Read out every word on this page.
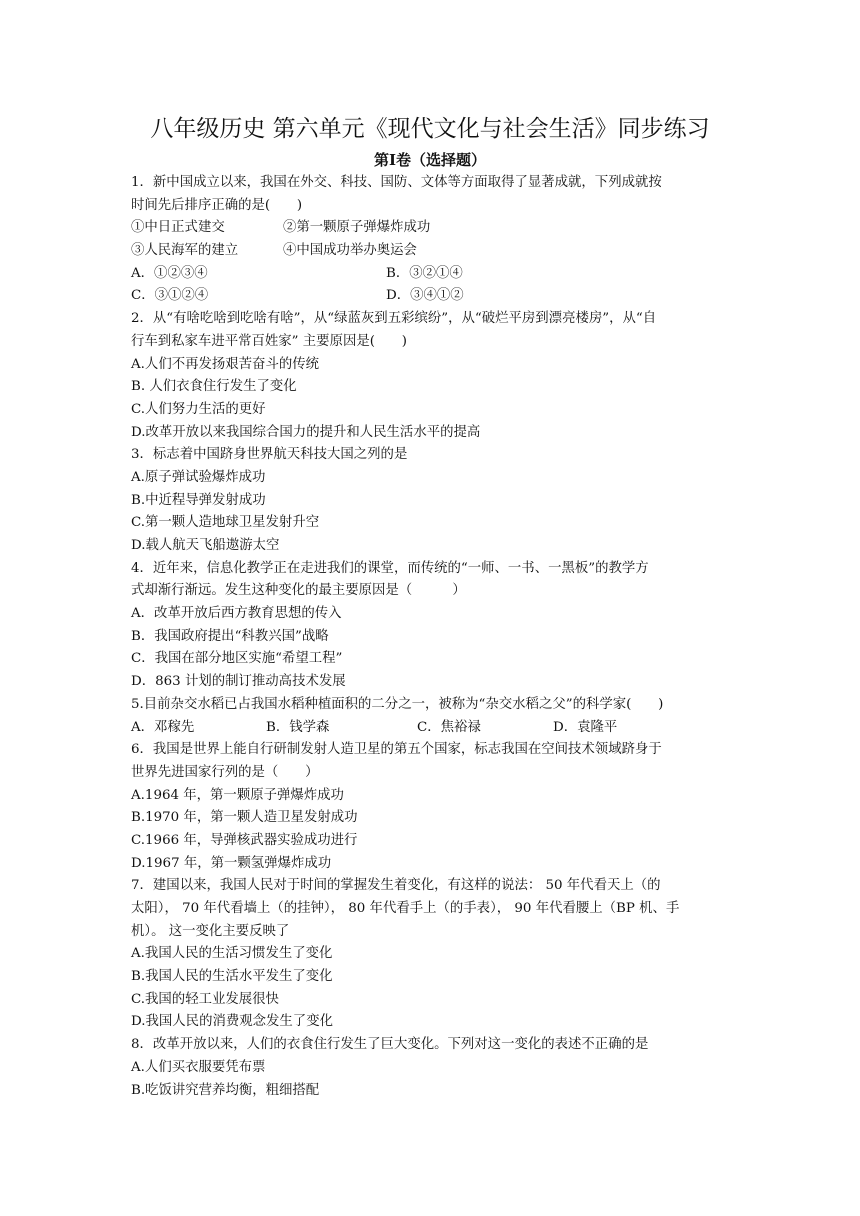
八年级历史 第六单元《现代文化与社会生活》同步练习
第Ⅰ卷（选择题）
1．新中国成立以来，我国在外交、科技、国防、文体等方面取得了显著成就，下列成就按
时间先后排序正确的是(　　)
①中日正式建交	②第一颗原子弹爆炸成功
③人民海军的建立	④中国成功举办奥运会
A．①②③④	B．③②①④
C．③①②④	D．③④①②
2．从“有啥吃啥到吃啥有啥”，从“绿蓝灰到五彩缤纷”，从“破烂平房到漂亮楼房”，从“自
行车到私家车进平常百姓家” 主要原因是(　　)
A.人们不再发扬艰苦奋斗的传统
B. 人们衣食住行发生了变化
C.人们努力生活的更好
D.改革开放以来我国综合国力的提升和人民生活水平的提高
3．标志着中国跻身世界航天科技大国之列的是
A.原子弹试验爆炸成功
B.中近程导弹发射成功
C.第一颗人造地球卫星发射升空
D.载人航天飞船遨游太空
4．近年来，信息化教学正在走进我们的课堂，而传统的“一师、一书、一黑板”的教学方
式却渐行渐远。发生这种变化的最主要原因是（　　　）
A．改革开放后西方教育思想的传入
B．我国政府提出“科教兴国”战略
C．我国在部分地区实施“希望工程”
D．863 计划的制订推动高技术发展
5.目前杂交水稻已占我国水稻种植面积的二分之一，被称为“杂交水稻之父”的科学家(　　)
A．邓稼先	B．钱学森	C．焦裕禄	D．袁隆平
6．我国是世界上能自行研制发射人造卫星的第五个国家，标志我国在空间技术领域跻身于
世界先进国家行列的是（　　）
A.1964 年，第一颗原子弹爆炸成功
B.1970 年，第一颗人造卫星发射成功
C.1966 年，导弹核武器实验成功进行
D.1967 年，第一颗氢弹爆炸成功
7．建国以来，我国人民对于时间的掌握发生着变化，有这样的说法： 50 年代看天上（的
太阳）， 70 年代看墙上（的挂钟）， 80 年代看手上（的手表）， 90 年代看腰上（BP 机、手
机）。 这一变化主要反映了
A.我国人民的生活习惯发生了变化
B.我国人民的生活水平发生了变化
C.我国的轻工业发展很快
D.我国人民的消费观念发生了变化
8．改革开放以来，人们的衣食住行发生了巨大变化。下列对这一变化的表述不正确的是
A.人们买衣服要凭布票
B.吃饭讲究营养均衡，粗细搭配
